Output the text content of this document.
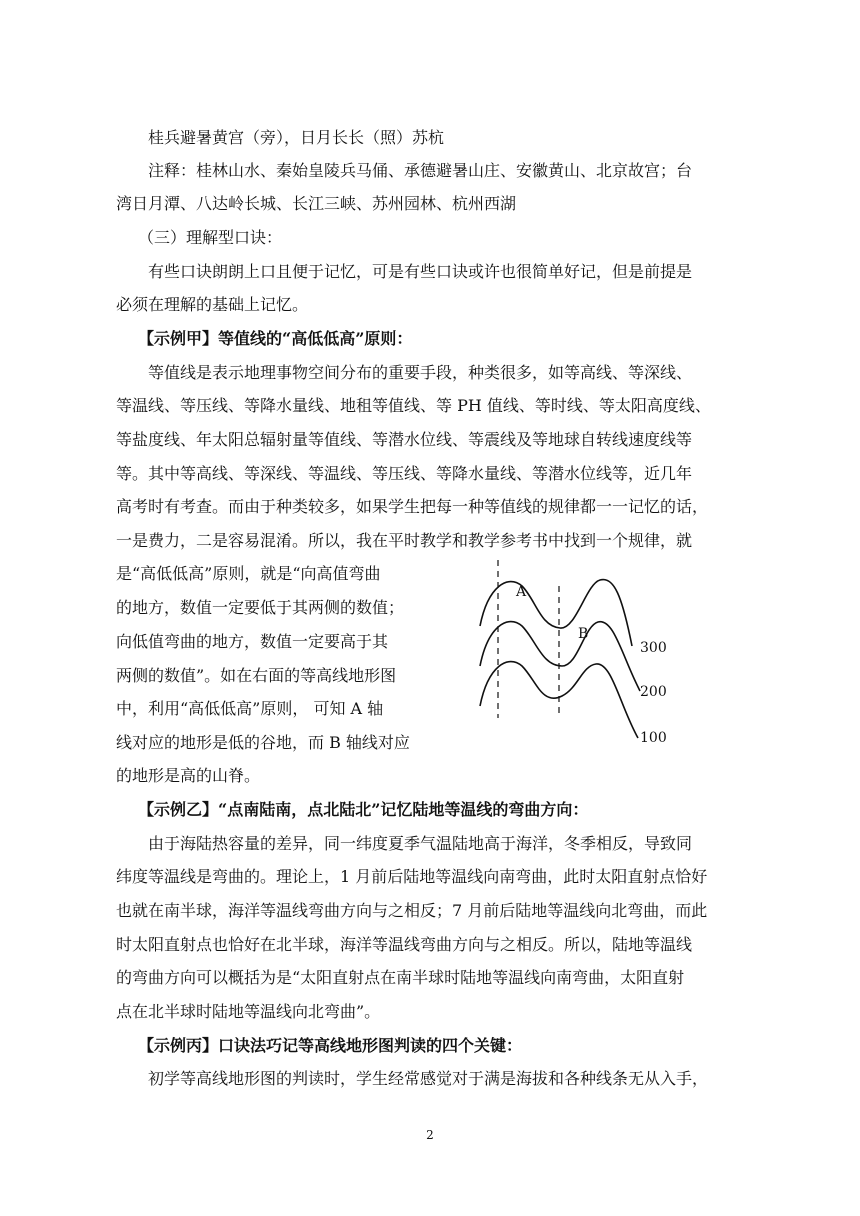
桂兵避暑黄宫（旁），日月长长（照）苏杭
注释：桂林山水、秦始皇陵兵马俑、承德避暑山庄、安徽黄山、北京故宫；台
湾日月潭、八达岭长城、长江三峡、苏州园林、杭州西湖
（三）理解型口诀：
有些口诀朗朗上口且便于记忆，可是有些口诀或许也很简单好记，但是前提是
必须在理解的基础上记忆。
【示例甲】等值线的“高低低高”原则：
等值线是表示地理事物空间分布的重要手段，种类很多，如等高线、等深线、
等温线、等压线、等降水量线、地租等值线、等 PH 值线、等时线、等太阳高度线、
等盐度线、年太阳总辐射量等值线、等潜水位线、等震线及等地球自转线速度线等
等。其中等高线、等深线、等温线、等压线、等降水量线、等潜水位线等，近几年
高考时有考查。而由于种类较多，如果学生把每一种等值线的规律都一一记忆的话，
一是费力，二是容易混淆。所以，我在平时教学和教学参考书中找到一个规律，就
是“高低低高”原则，就是“向高值弯曲
的地方，数值一定要低于其两侧的数值；
向低值弯曲的地方，数值一定要高于其
两侧的数值”。如在右面的等高线地形图
中，利用“高低低高”原则， 可知 A 轴
线对应的地形是低的谷地，而 B 轴线对应
的地形是高的山脊。
【示例乙】“点南陆南，点北陆北”记忆陆地等温线的弯曲方向：
由于海陆热容量的差异，同一纬度夏季气温陆地高于海洋，冬季相反，导致同
纬度等温线是弯曲的。理论上，1 月前后陆地等温线向南弯曲，此时太阳直射点恰好
也就在南半球，海洋等温线弯曲方向与之相反；7 月前后陆地等温线向北弯曲，而此
时太阳直射点也恰好在北半球，海洋等温线弯曲方向与之相反。所以，陆地等温线
的弯曲方向可以概括为是“太阳直射点在南半球时陆地等温线向南弯曲，太阳直射
点在北半球时陆地等温线向北弯曲”。
【示例丙】口诀法巧记等高线地形图判读的四个关键：
初学等高线地形图的判读时，学生经常感觉对于满是海拔和各种线条无从入手，
A
B
300
200
100
2
